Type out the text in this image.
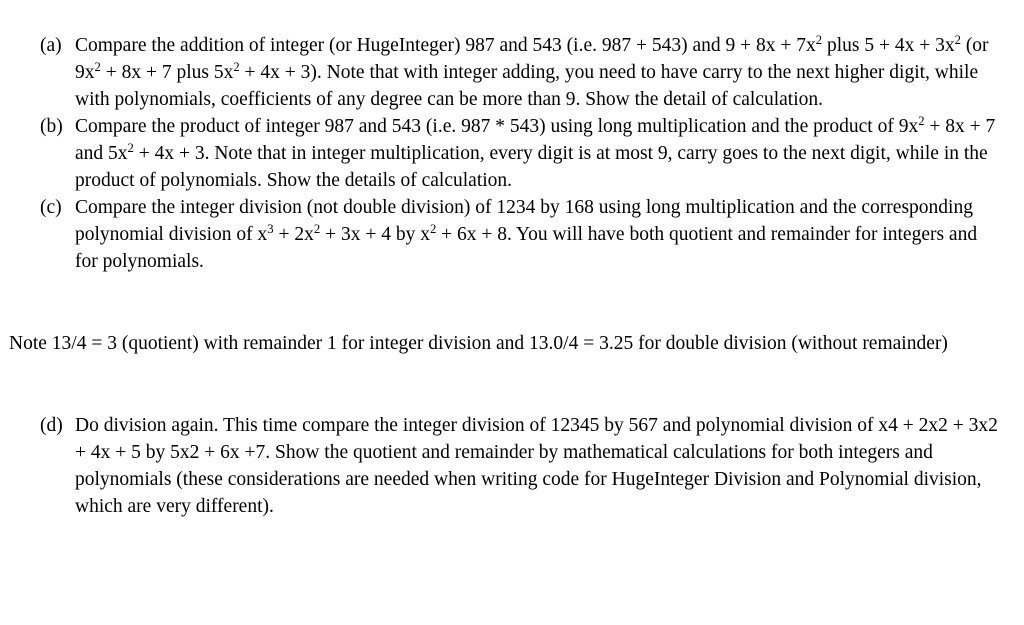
(a) Compare the addition of integer (or HugeInteger) 987 and 543 (i.e. 987 + 543) and $9 + 8x + 7x^2$ plus $5 + 4x + 3x^2$ (or $9x^2 + 8x + 7$ plus $5x^2 + 4x + 3$). Note that with integer adding, you need to have carry to the next higher digit, while with polynomials, coefficients of any degree can be more than 9. Show the detail of calculation.
(b) Compare the product of integer 987 and 543 (i.e. 987 * 543) using long multiplication and the product of $9x^2 + 8x + 7$ and $5x^2 + 4x + 3$. Note that in integer multiplication, every digit is at most 9, carry goes to the next digit, while in the product of polynomials. Show the details of calculation.
(c) Compare the integer division (not double division) of 1234 by 168 using long multiplication and the corresponding polynomial division of $x^3 + 2x^2 + 3x + 4$ by $x^2 + 6x + 8$. You will have both quotient and remainder for integers and for polynomials.
Note 13/4 = 3 (quotient) with remainder 1 for integer division and 13.0/4 = 3.25 for double division (without remainder)
(d) Do division again. This time compare the integer division of 12345 by 567 and polynomial division of x4 + 2x2 + 3x2 + 4x + 5 by 5x2 + 6x +7. Show the quotient and remainder by mathematical calculations for both integers and polynomials (these considerations are needed when writing code for HugeInteger Division and Polynomial division, which are very different).
